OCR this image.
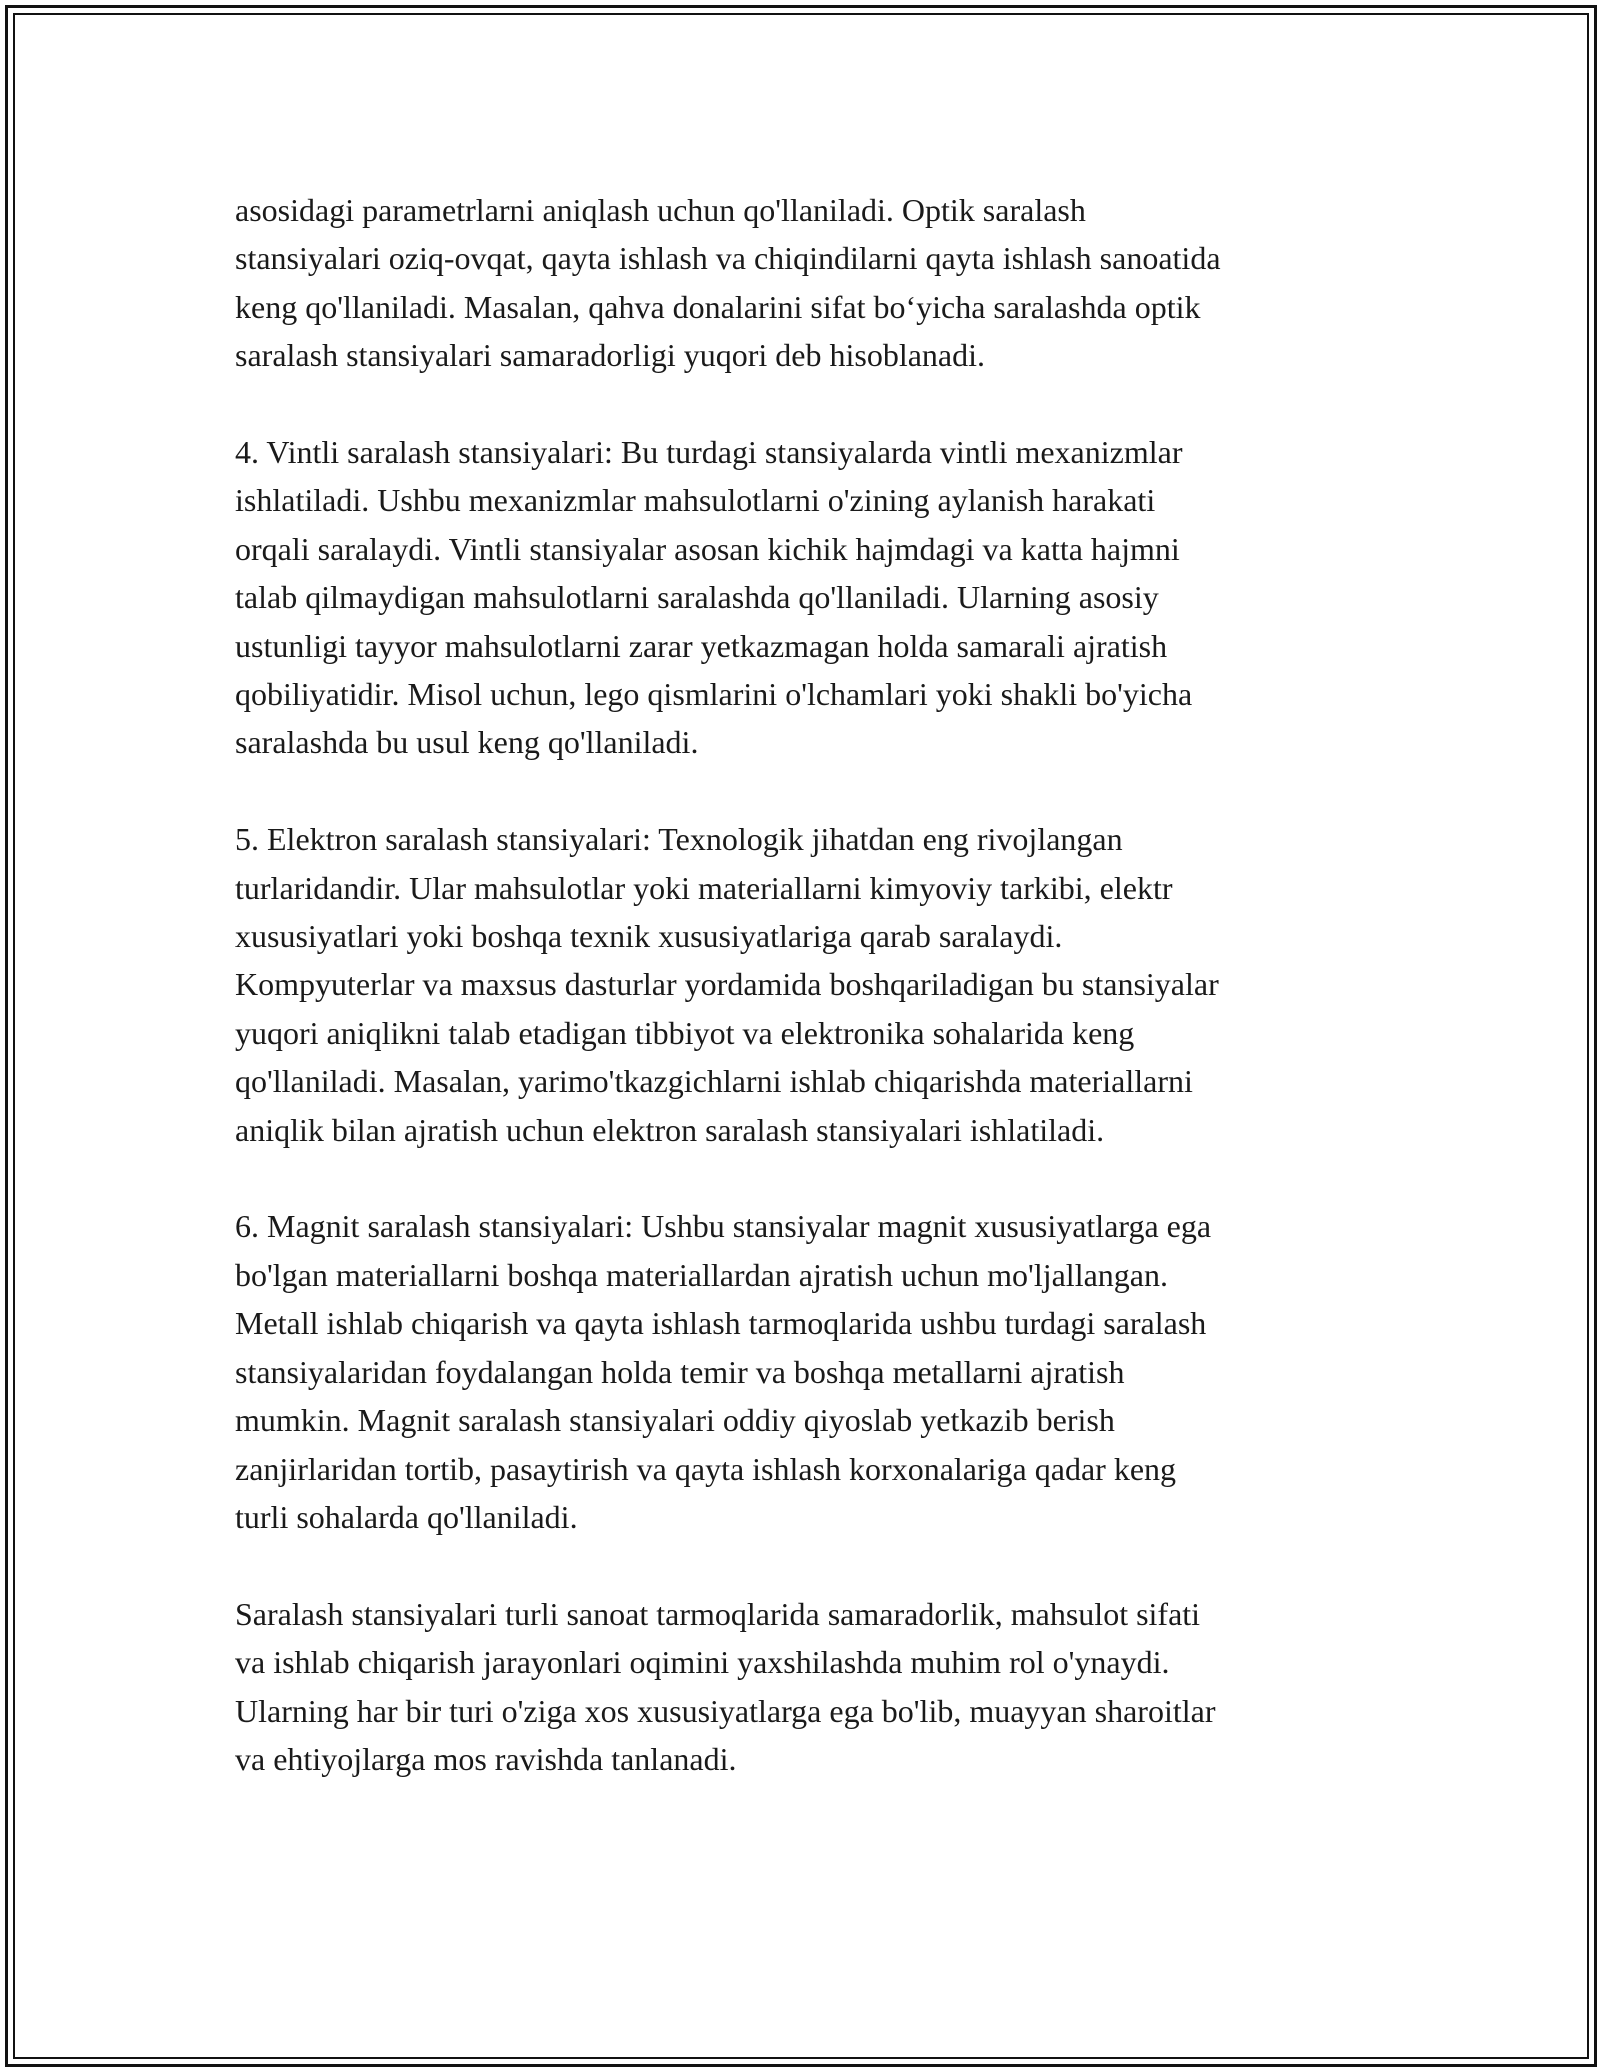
asosidagi parametrlarni aniqlash uchun qo'llaniladi. Optik saralash
stansiyalari oziq-ovqat, qayta ishlash va chiqindilarni qayta ishlash sanoatida
keng qo'llaniladi. Masalan, qahva donalarini sifat bo‘yicha saralashda optik
saralash stansiyalari samaradorligi yuqori deb hisoblanadi.

4. Vintli saralash stansiyalari: Bu turdagi stansiyalarda vintli mexanizmlar
ishlatiladi. Ushbu mexanizmlar mahsulotlarni o'zining aylanish harakati
orqali saralaydi. Vintli stansiyalar asosan kichik hajmdagi va katta hajmni
talab qilmaydigan mahsulotlarni saralashda qo'llaniladi. Ularning asosiy
ustunligi tayyor mahsulotlarni zarar yetkazmagan holda samarali ajratish
qobiliyatidir. Misol uchun, lego qismlarini o'lchamlari yoki shakli bo'yicha
saralashda bu usul keng qo'llaniladi.

5. Elektron saralash stansiyalari: Texnologik jihatdan eng rivojlangan
turlaridandir. Ular mahsulotlar yoki materiallarni kimyoviy tarkibi, elektr
xususiyatlari yoki boshqa texnik xususiyatlariga qarab saralaydi.
Kompyuterlar va maxsus dasturlar yordamida boshqariladigan bu stansiyalar
yuqori aniqlikni talab etadigan tibbiyot va elektronika sohalarida keng
qo'llaniladi. Masalan, yarimo'tkazgichlarni ishlab chiqarishda materiallarni
aniqlik bilan ajratish uchun elektron saralash stansiyalari ishlatiladi.

6. Magnit saralash stansiyalari: Ushbu stansiyalar magnit xususiyatlarga ega
bo'lgan materiallarni boshqa materiallardan ajratish uchun mo'ljallangan.
Metall ishlab chiqarish va qayta ishlash tarmoqlarida ushbu turdagi saralash
stansiyalaridan foydalangan holda temir va boshqa metallarni ajratish
mumkin. Magnit saralash stansiyalari oddiy qiyoslab yetkazib berish
zanjirlaridan tortib, pasaytirish va qayta ishlash korxonalariga qadar keng
turli sohalarda qo'llaniladi.

Saralash stansiyalari turli sanoat tarmoqlarida samaradorlik, mahsulot sifati
va ishlab chiqarish jarayonlari oqimini yaxshilashda muhim rol o'ynaydi.
Ularning har bir turi o'ziga xos xususiyatlarga ega bo'lib, muayyan sharoitlar
va ehtiyojlarga mos ravishda tanlanadi.
